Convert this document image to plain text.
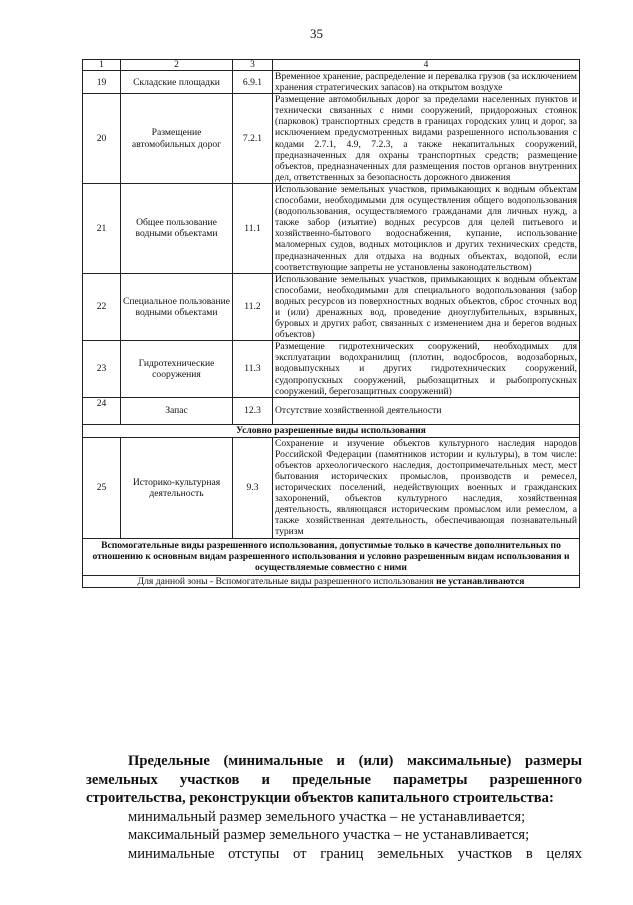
35
1	2	3	4
19	Складские площадки	6.9.1	Временное хранение, распределение и перевалка грузов (за исключением хранения стратегических запасов) на открытом воздухе
20	Размещение автомобильных дорог	7.2.1	Размещение автомобильных дорог за пределами населенных пунктов и технически связанных с ними сооружений, придорожных стоянок (парковок) транспортных средств в границах городских улиц и дорог, за исключением предусмотренных видами разрешенного использования с кодами 2.7.1, 4.9, 7.2.3, а также некапитальных сооружений, предназначенных для охраны транспортных средств; размещение объектов, предназначенных для размещения постов органов внутренних дел, ответственных за безопасность дорожного движения
21	Общее пользование водными объектами	11.1	Использование земельных участков, примыкающих к водным объектам способами, необходимыми для осуществления общего водопользования (водопользования, осуществляемого гражданами для личных нужд, а также забор (изъятие) водных ресурсов для целей питьевого и хозяйственно-бытового водоснабжения, купание, использование маломерных судов, водных мотоциклов и других технических средств, предназначенных для отдыха на водных объектах, водопой, если соответствующие запреты не установлены законодательством)
22	Специальное пользование водными объектами	11.2	Использование земельных участков, примыкающих к водным объектам способами, необходимыми для специального водопользования (забор водных ресурсов из поверхностных водных объектов, сброс сточных вод и (или) дренажных вод, проведение дноуглубительных, взрывных, буровых и других работ, связанных с изменением дна и берегов водных объектов)
23	Гидротехнические сооружения	11.3	Размещение гидротехнических сооружений, необходимых для эксплуатации водохранилищ (плотин, водосбросов, водозаборных, водовыпускных и других гидротехнических сооружений, судопропускных сооружений, рыбозащитных и рыбопропускных сооружений, берегозащитных сооружений)
24	Запас	12.3	Отсутствие хозяйственной деятельности
Условно разрешенные виды использования			
25	Историко-культурная деятельность	9.3	Сохранение и изучение объектов культурного наследия народов Российской Федерации (памятников истории и культуры), в том числе: объектов археологического наследия, достопримечательных мест, мест бытования исторических промыслов, производств и ремесел, исторических поселений, недействующих военных и гражданских захоронений, объектов культурного наследия, хозяйственная деятельность, являющаяся историческим промыслом или ремеслом, а также хозяйственная деятельность, обеспечивающая познавательный туризм
Вспомогательные виды разрешенного использования, допустимые только в качестве дополнительных по отношению к основным видам разрешенного использования и условно разрешенным видам использования и осуществляемые совместно с ними			
Для данной зоны - Вспомогательные виды разрешенного использования не устанавливаются			
Предельные (минимальные и (или) максимальные) размеры земельных участков и предельные параметры разрешенного строительства, реконструкции объектов капитального строительства:
минимальный размер земельного участка – не устанавливается;
максимальный размер земельного участка – не устанавливается;
минимальные отступы от границ земельных участков в целях
